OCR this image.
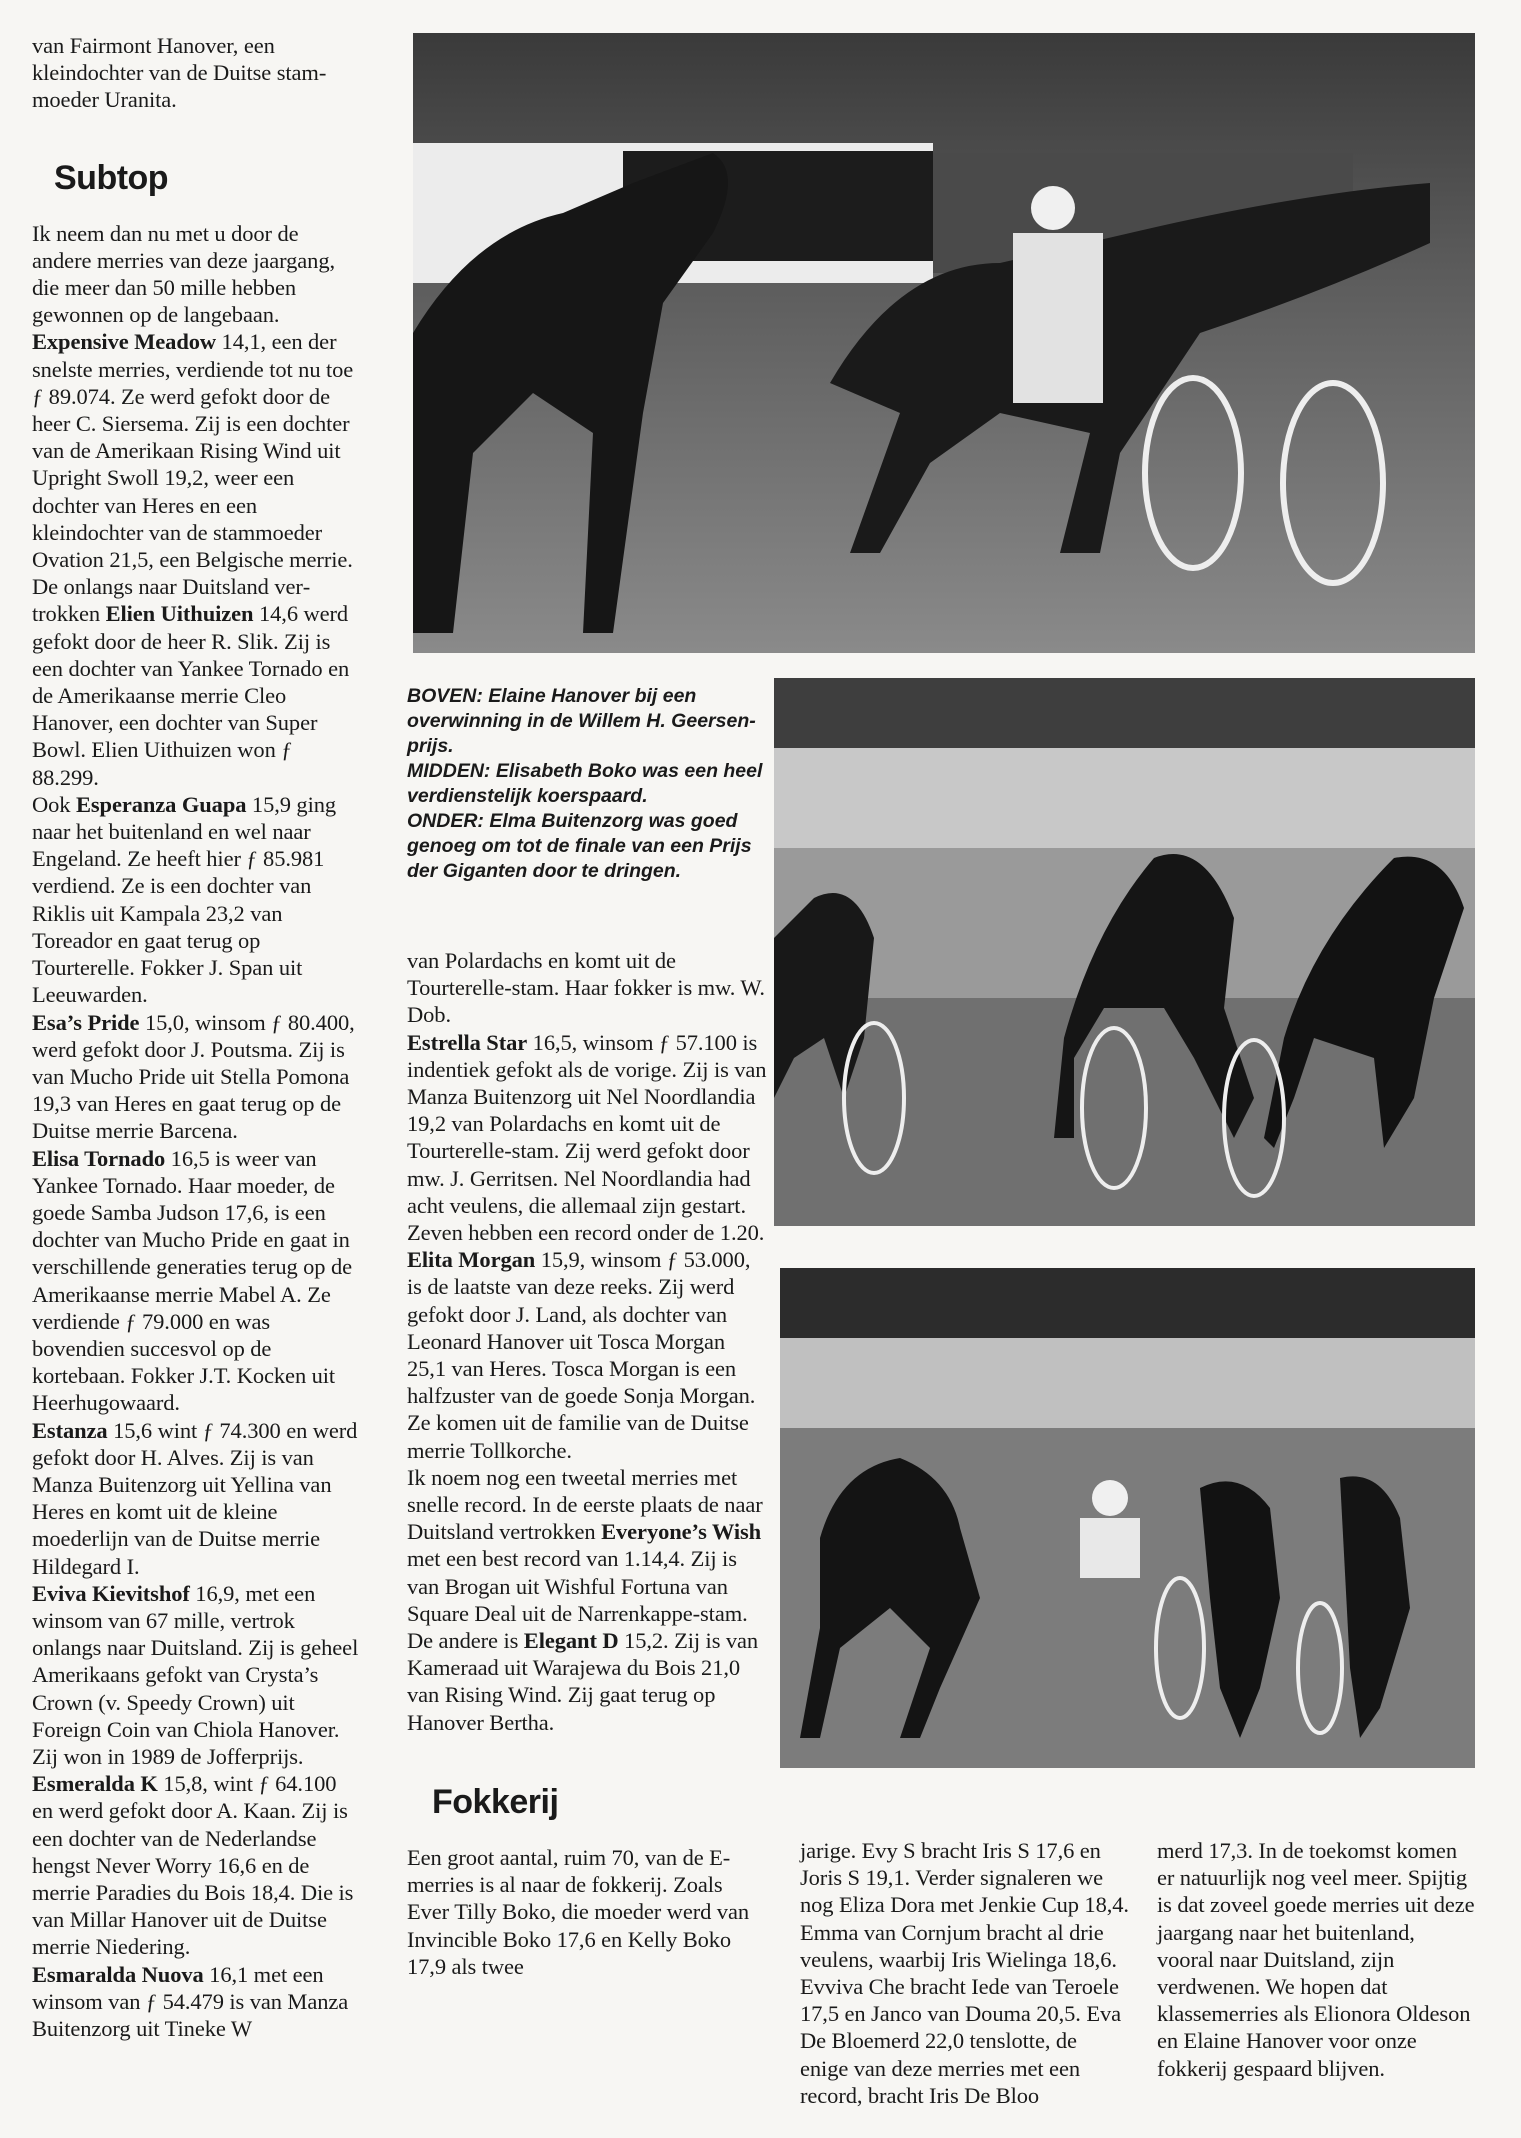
van Fairmont Hanover, een kleindochter van de Duitse stammoeder Uranita.

Subtop

Ik neem dan nu met u door de andere merries van deze jaargang, die meer dan 50 mille hebben gewonnen op de langebaan.

Expensive Meadow 14,1, een der snelste merries, verdiende tot nu toe ƒ 89.074. Ze werd gefokt door de heer C. Siersema. Zij is een dochter van de Amerikaan Rising Wind uit Upright Swoll 19,2, weer een dochter van Heres en een kleindochter van de stammoeder Ovation 21,5, een Belgische merrie.

De onlangs naar Duitsland vertrokken Elien Uithuizen 14,6 werd gefokt door de heer R. Slik. Zij is een dochter van Yankee Tornado en de Amerikaanse merrie Cleo Hanover, een dochter van Super Bowl. Elien Uithuizen won ƒ 88.299.

Ook Esperanza Guapa 15,9 ging naar het buitenland en wel naar Engeland. Ze heeft hier ƒ 85.981 verdiend. Ze is een dochter van Riklis uit Kampala 23,2 van Toreador en gaat terug op Tourterelle. Fokker J. Span uit Leeuwarden.

Esa’s Pride 15,0, winsom ƒ 80.400, werd gefokt door J. Poutsma. Zij is van Mucho Pride uit Stella Pomona 19,3 van Heres en gaat terug op de Duitse merrie Barcena.

Elisa Tornado 16,5 is weer van Yankee Tornado. Haar moeder, de goede Samba Judson 17,6, is een dochter van Mucho Pride en gaat in verschillende generaties terug op de Amerikaanse merrie Mabel A. Ze verdiende ƒ 79.000 en was bovendien succesvol op de kortebaan. Fokker J.T. Kocken uit Heerhugowaard.

Estanza 15,6 wint ƒ 74.300 en werd gefokt door H. Alves. Zij is van Manza Buitenzorg uit Yellina van Heres en komt uit de kleine moederlijn van de Duitse merrie Hildegard I.

Eviva Kievitshof 16,9, met een winsom van 67 mille, vertrok onlangs naar Duitsland. Zij is geheel Amerikaans gefokt van Crysta’s Crown (v. Speedy Crown) uit Foreign Coin van Chiola Hanover. Zij won in 1989 de Jofferprijs.

Esmeralda K 15,8, wint ƒ 64.100 en werd gefokt door A. Kaan. Zij is een dochter van de Nederlandse hengst Never Worry 16,6 en de merrie Paradies du Bois 18,4. Die is van Millar Hanover uit de Duitse merrie Niedering.

Esmaralda Nuova 16,1 met een winsom van ƒ 54.479 is van Manza Buitenzorg uit Tineke W

BOVEN: Elaine Hanover bij een overwinning in de Willem H. Geersen-prijs.

MIDDEN: Elisabeth Boko was een heel verdienstelijk koerspaard.

ONDER: Elma Buitenzorg was goed genoeg om tot de finale van een Prijs der Giganten door te dringen.

van Polardachs en komt uit de Tourterelle-stam. Haar fokker is mw. W. Dob.

Estrella Star 16,5, winsom ƒ 57.100 is indentiek gefokt als de vorige. Zij is van Manza Buitenzorg uit Nel Noordlandia 19,2 van Polardachs en komt uit de Tourterelle-stam. Zij werd gefokt door mw. J. Gerritsen. Nel Noordlandia had acht veulens, die allemaal zijn gestart. Zeven hebben een record onder de 1.20.

Elita Morgan 15,9, winsom ƒ 53.000, is de laatste van deze reeks. Zij werd gefokt door J. Land, als dochter van Leonard Hanover uit Tosca Morgan 25,1 van Heres. Tosca Morgan is een halfzuster van de goede Sonja Morgan. Ze komen uit de familie van de Duitse merrie Tollkorche.

Ik noem nog een tweetal merries met snelle record. In de eerste plaats de naar Duitsland vertrokken Everyone’s Wish met een best record van 1.14,4. Zij is van Brogan uit Wishful Fortuna van Square Deal uit de Narrenkappe-stam. De andere is Elegant D 15,2. Zij is van Kameraad uit Warajewa du Bois 21,0 van Rising Wind. Zij gaat terug op Hanover Bertha.

Fokkerij

Een groot aantal, ruim 70, van de E-merries is al naar de fokkerij. Zoals Ever Tilly Boko, die moeder werd van Invincible Boko 17,6 en Kelly Boko 17,9 als twee

jarige. Evy S bracht Iris S 17,6 en Joris S 19,1. Verder signaleren we nog Eliza Dora met Jenkie Cup 18,4. Emma van Cornjum bracht al drie veulens, waarbij Iris Wielinga 18,6. Evviva Che bracht Iede van Teroele 17,5 en Janco van Douma 20,5. Eva De Bloemerd 22,0 tenslotte, de enige van deze merries met een record, bracht Iris De Bloo

merd 17,3. In de toekomst komen er natuurlijk nog veel meer. Spijtig is dat zoveel goede merries uit deze jaargang naar het buitenland, vooral naar Duitsland, zijn verdwenen. We hopen dat klassemerries als Elionora Oldeson en Elaine Hanover voor onze fokkerij gespaard blijven.
